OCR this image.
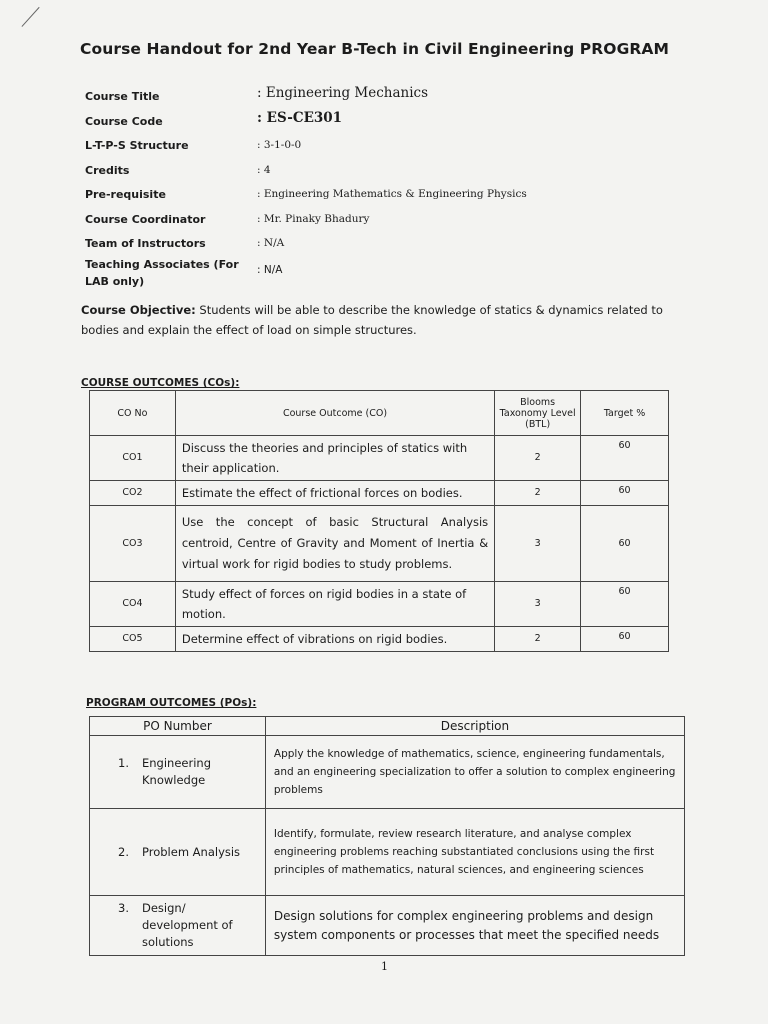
Course Handout for 2nd Year B-Tech in Civil Engineering PROGRAM
Course Title	: Engineering Mechanics
Course Code	: ES-CE301
L-T-P-S Structure	: 3-1-0-0
Credits	: 4
Pre-requisite	: Engineering Mathematics & Engineering Physics
Course Coordinator	: Mr. Pinaky Bhadury
Team of Instructors	: N/A
Teaching Associates (For LAB only)
: N/A
Course Objective: Students will be able to describe the knowledge of statics & dynamics related to bodies and explain the effect of load on simple structures.
COURSE OUTCOMES (COs):
CO No	Course Outcome (CO)	Blooms Taxonomy Level (BTL)	Target %
CO1	Discuss the theories and principles of statics with their application.	2	60
CO2	Estimate the effect of frictional forces on bodies.	2	60
CO3	Use the concept of basic Structural Analysis centroid, Centre of Gravity and Moment of Inertia & virtual work for rigid bodies to study problems.	3	60
CO4	Study effect of forces on rigid bodies in a state of motion.	3	60
CO5	Determine effect of vibrations on rigid bodies.	2	60
PROGRAM OUTCOMES (POs):
PO Number	Description

1. Engineering Knowledge	Apply the knowledge of mathematics, science, engineering fundamentals, and an engineering specialization to offer a solution to complex engineering problems

2. Problem Analysis	Identify, formulate, review research literature, and analyse complex engineering problems reaching substantiated conclusions using the first principles of mathematics, natural sciences, and engineering sciences

3. Design/ development of solutions	Design solutions for complex engineering problems and design system components or processes that meet the specified needs
1
